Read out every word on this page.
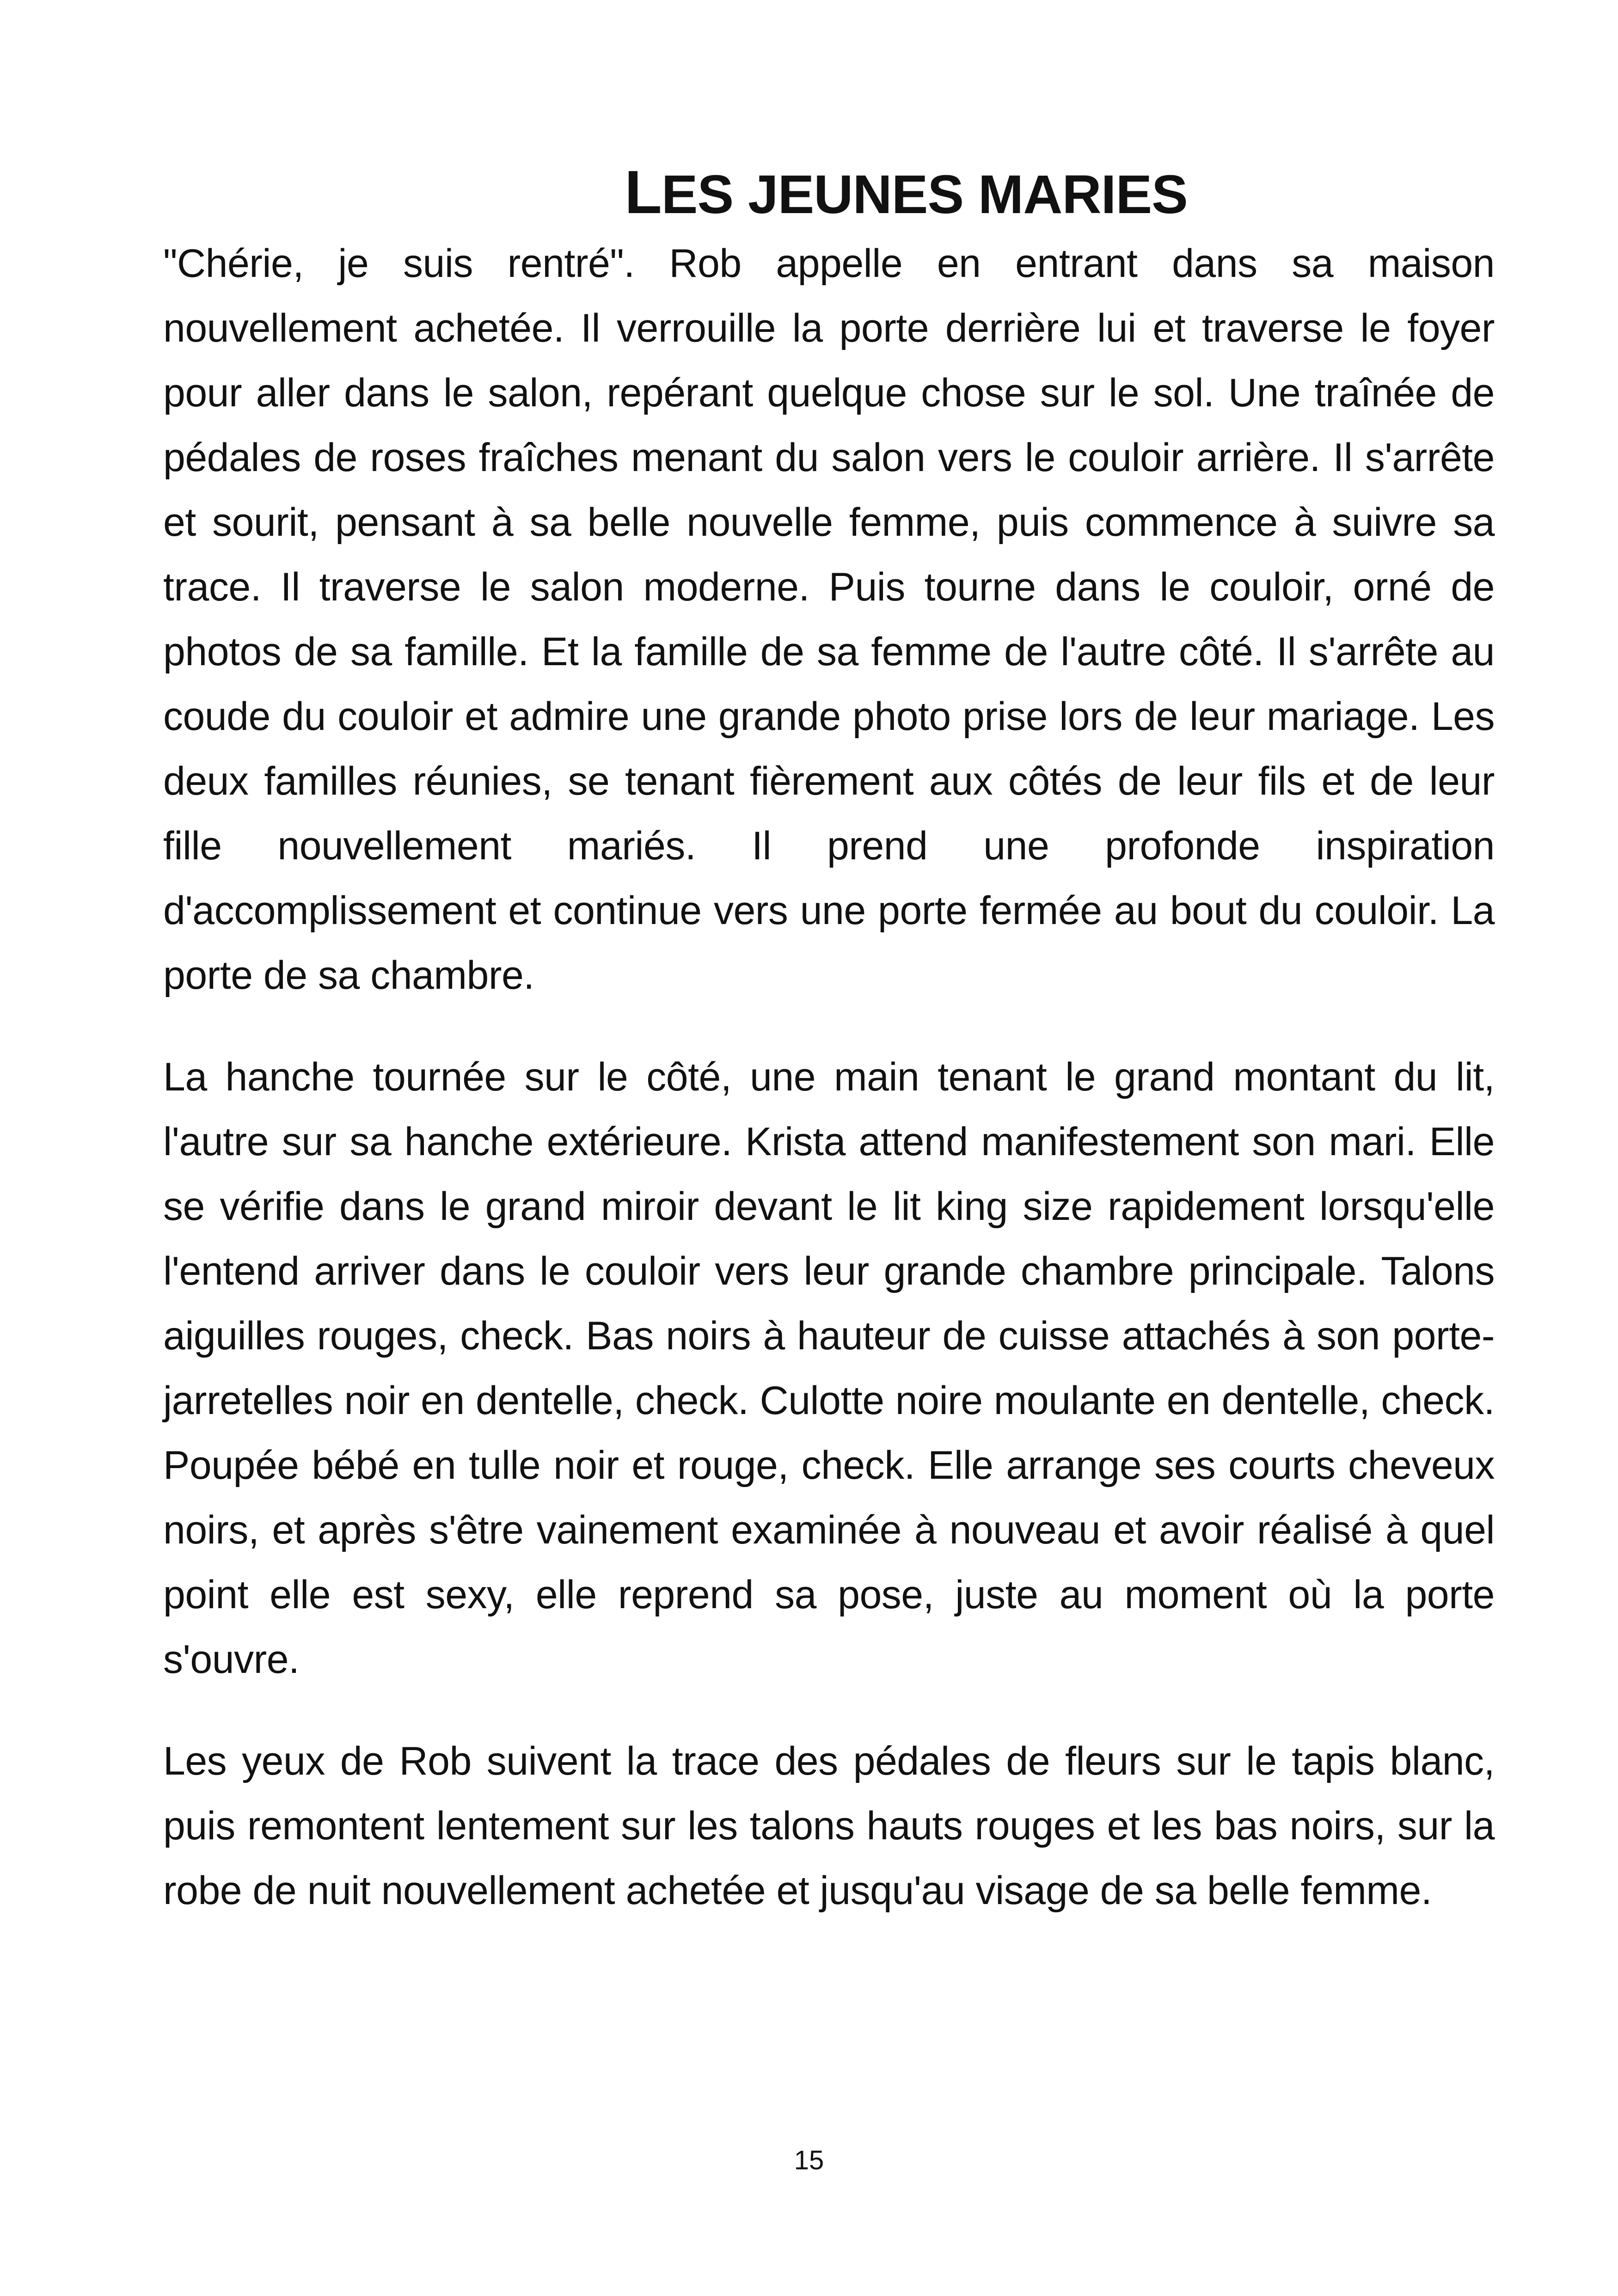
LES JEUNES MARIES

"Chérie, je suis rentré". Rob appelle en entrant dans sa maison nouvellement achetée. Il verrouille la porte derrière lui et traverse le foyer pour aller dans le salon, repérant quelque chose sur le sol. Une traînée de pédales de roses fraîches menant du salon vers le couloir arrière. Il s'arrête et sourit, pensant à sa belle nouvelle femme, puis commence à suivre sa trace. Il traverse le salon moderne. Puis tourne dans le couloir, orné de photos de sa famille. Et la famille de sa femme de l'autre côté. Il s'arrête au coude du couloir et admire une grande photo prise lors de leur mariage. Les deux familles réunies, se tenant fièrement aux côtés de leur fils et de leur fille nouvellement mariés. Il prend une profonde inspiration d'accomplissement et continue vers une porte fermée au bout du couloir. La porte de sa chambre.

La hanche tournée sur le côté, une main tenant le grand montant du lit, l'autre sur sa hanche extérieure. Krista attend manifestement son mari. Elle se vérifie dans le grand miroir devant le lit king size rapidement lorsqu'elle l'entend arriver dans le couloir vers leur grande chambre principale. Talons aiguilles rouges, check. Bas noirs à hauteur de cuisse attachés à son porte-jarretelles noir en dentelle, check. Culotte noire moulante en dentelle, check. Poupée bébé en tulle noir et rouge, check. Elle arrange ses courts cheveux noirs, et après s'être vainement examinée à nouveau et avoir réalisé à quel point elle est sexy, elle reprend sa pose, juste au moment où la porte s'ouvre.

Les yeux de Rob suivent la trace des pédales de fleurs sur le tapis blanc, puis remontent lentement sur les talons hauts rouges et les bas noirs, sur la robe de nuit nouvellement achetée et jusqu'au visage de sa belle femme.

15
